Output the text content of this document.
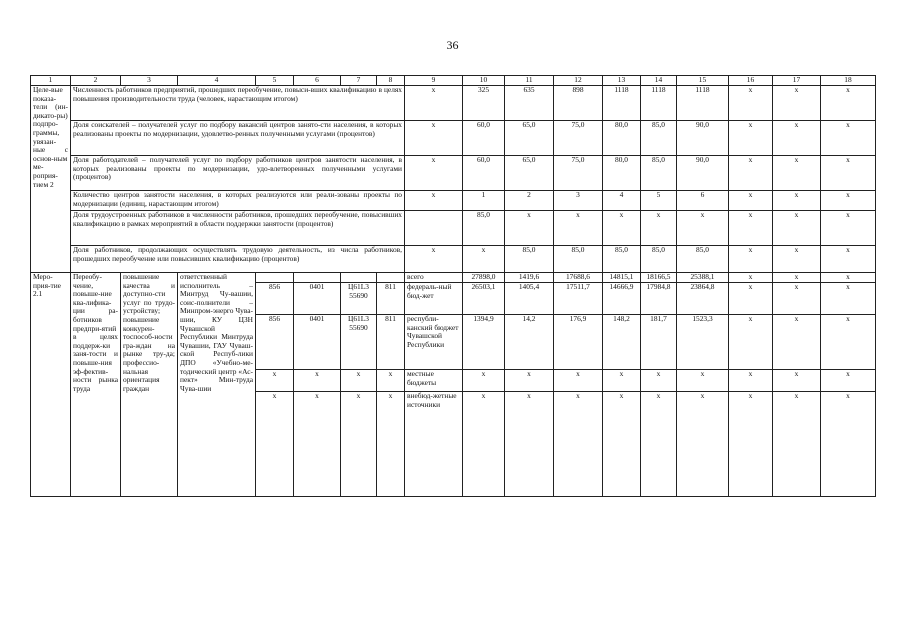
36
1	2	3	4	5	6	7	8	9	10	11	12	13	14	15	16	17	18
Целе-вые показа-тели (ин-дикато-ры) подпро-граммы, увязан-ные с основ-ным ме-роприя-тием 2	Численность работников предприятий, прошедших переобучение, повыси-вших квалификацию в целях повышения производительности труда (человек, нарастающим итогом)							x	325	635	898	1118	1118	1118	x	x	x
	Доля соискателей – получателей услуг по подбору вакансий центров занято-сти населения, в которых реализованы проекты по модернизации, удовлетво-ренных полученными услугами (процентов)							x	60,0	65,0	75,0	80,0	85,0	90,0	x	x	x
	Доля работодателей – получателей услуг по подбору работников центров занятости населения, в которых реализованы проекты по модернизации, удо-влетворенных полученными услугами (процентов)							x	60,0	65,0	75,0	80,0	85,0	90,0	x	x	x
	Количество центров занятости населения, в которых реализуются или реали-зованы проекты по модернизации (единиц, нарастающим итогом)							x	1	2	3	4	5	6	x	x	x
	Доля трудоустроенных работников в численности работников, прошедших переобучение, повысивших квалификацию в рамках мероприятий в области поддержки занятости (процентов)								85,0	x	x	x	x	x	x	x	x
	Доля работников, продолжающих осуществлять трудовую деятельность, из числа работников, прошедших переобучение или повысивших квалификацию (процентов)							x	x	85,0	85,0	85,0	85,0	85,0	x	x	x
Меро-прия-тие 2.1	Переобу-чение, повыше-ние ква-лифика-ции ра-ботников предпри-ятий в целях поддерж-ки заня-тости и повыше-ния эф-фектив-ности рынка труда	повышение качества и доступно-сти услуг по трудо-устройству; повышение конкурен-тоспособ-ности гра-ждан на рынке тру-да; профессио-нальная ориентация граждан	ответственный исполнитель – Минтруд Чу-вашии, соис-полнители – Минпром-энерго Чува-шии, КУ ЦЗН Чувашской Республики Минтруда Чувашии, ГАУ Чуваш-ской Респуб-лики ДПО «Учебно-ме-тодический центр «Ас-пект» Мин-труда Чува-шии					всего	27898,0	1419,6	17688,6	14815,1	18166,5	25388,1	x	x	x
				856	0401	Ц61L3 55690	811	федераль-ный бюд-жет	26503,1	1405,4	17511,7	14666,9	17984,8	23864,8	x	x	x
				856	0401	Ц61L3 55690	811	республи-канский бюджет Чувашской Республики	1394,9	14,2	176,9	148,2	181,7	1523,3	x	x	x
				x	x	x	x	местные бюджеты	x	x	x	x	x	x	x	x	x
				x	x	x	x	внебюд-жетные источники	x	x	x	x	x	x	x	x	x
